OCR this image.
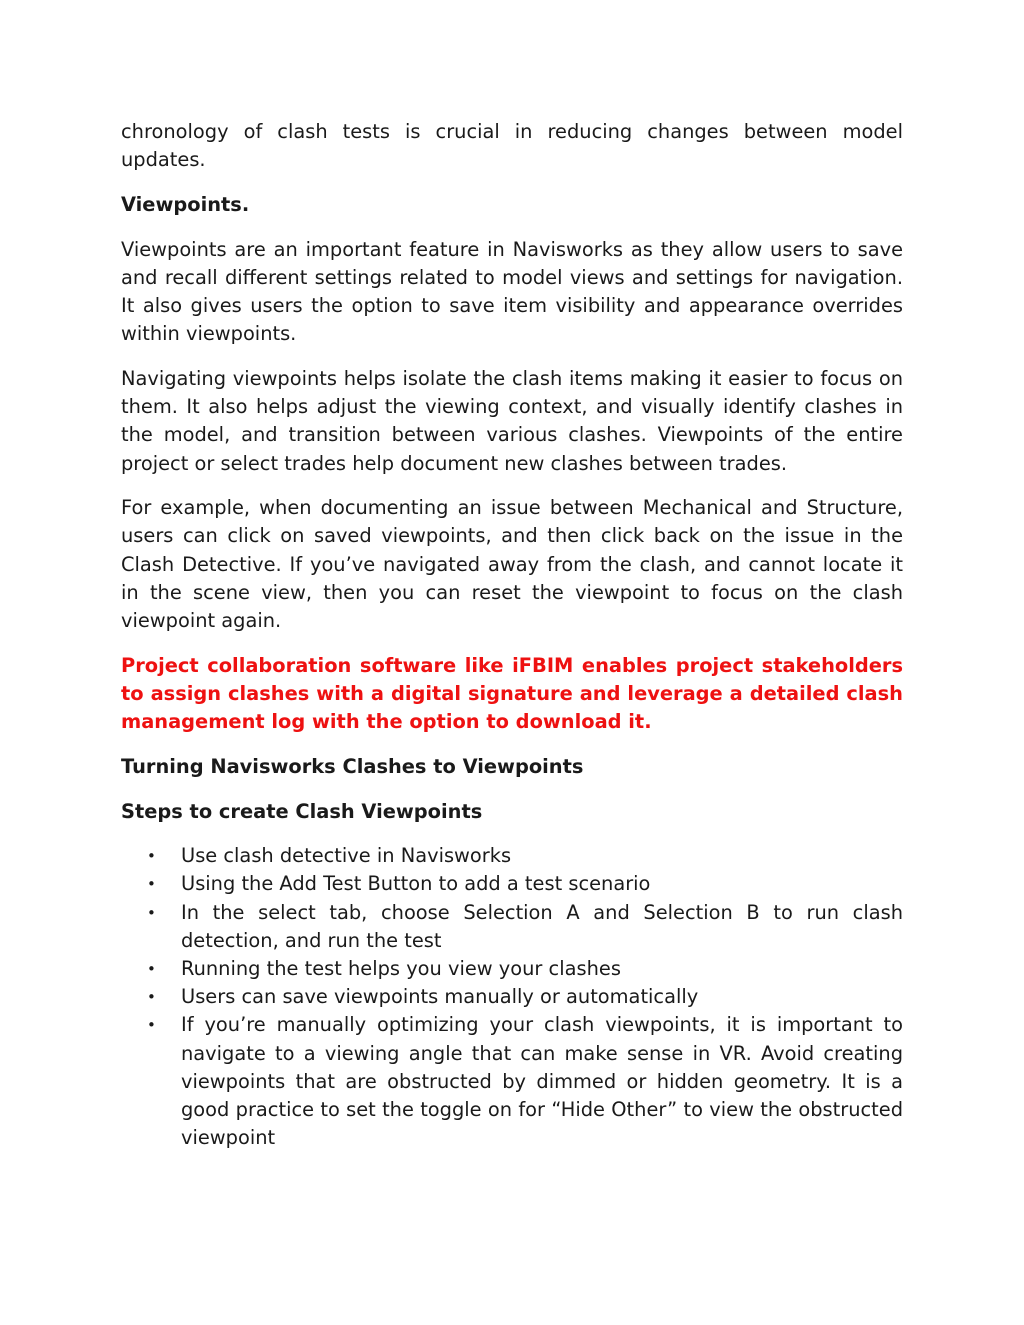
chronology of clash tests is crucial in reducing changes between model updates.

Viewpoints.

Viewpoints are an important feature in Navisworks as they allow users to save and recall different settings related to model views and settings for navigation. It also gives users the option to save item visibility and appearance overrides within viewpoints.

Navigating viewpoints helps isolate the clash items making it easier to focus on them. It also helps adjust the viewing context, and visually identify clashes in the model, and transition between various clashes. Viewpoints of the entire project or select trades help document new clashes between trades.

For example, when documenting an issue between Mechanical and Structure, users can click on saved viewpoints, and then click back on the issue in the Clash Detective. If you’ve navigated away from the clash, and cannot locate it in the scene view, then you can reset the viewpoint to focus on the clash viewpoint again.

Project collaboration software like iFBIM enables project stakeholders to assign clashes with a digital signature and leverage a detailed clash management log with the option to download it.

Turning Navisworks Clashes to Viewpoints

Steps to create Clash Viewpoints

• Use clash detective in Navisworks
• Using the Add Test Button to add a test scenario
• In the select tab, choose Selection A and Selection B to run clash detection, and run the test
• Running the test helps you view your clashes
• Users can save viewpoints manually or automatically
• If you’re manually optimizing your clash viewpoints, it is important to navigate to a viewing angle that can make sense in VR. Avoid creating viewpoints that are obstructed by dimmed or hidden geometry. It is a good practice to set the toggle on for “Hide Other” to view the obstructed viewpoint
